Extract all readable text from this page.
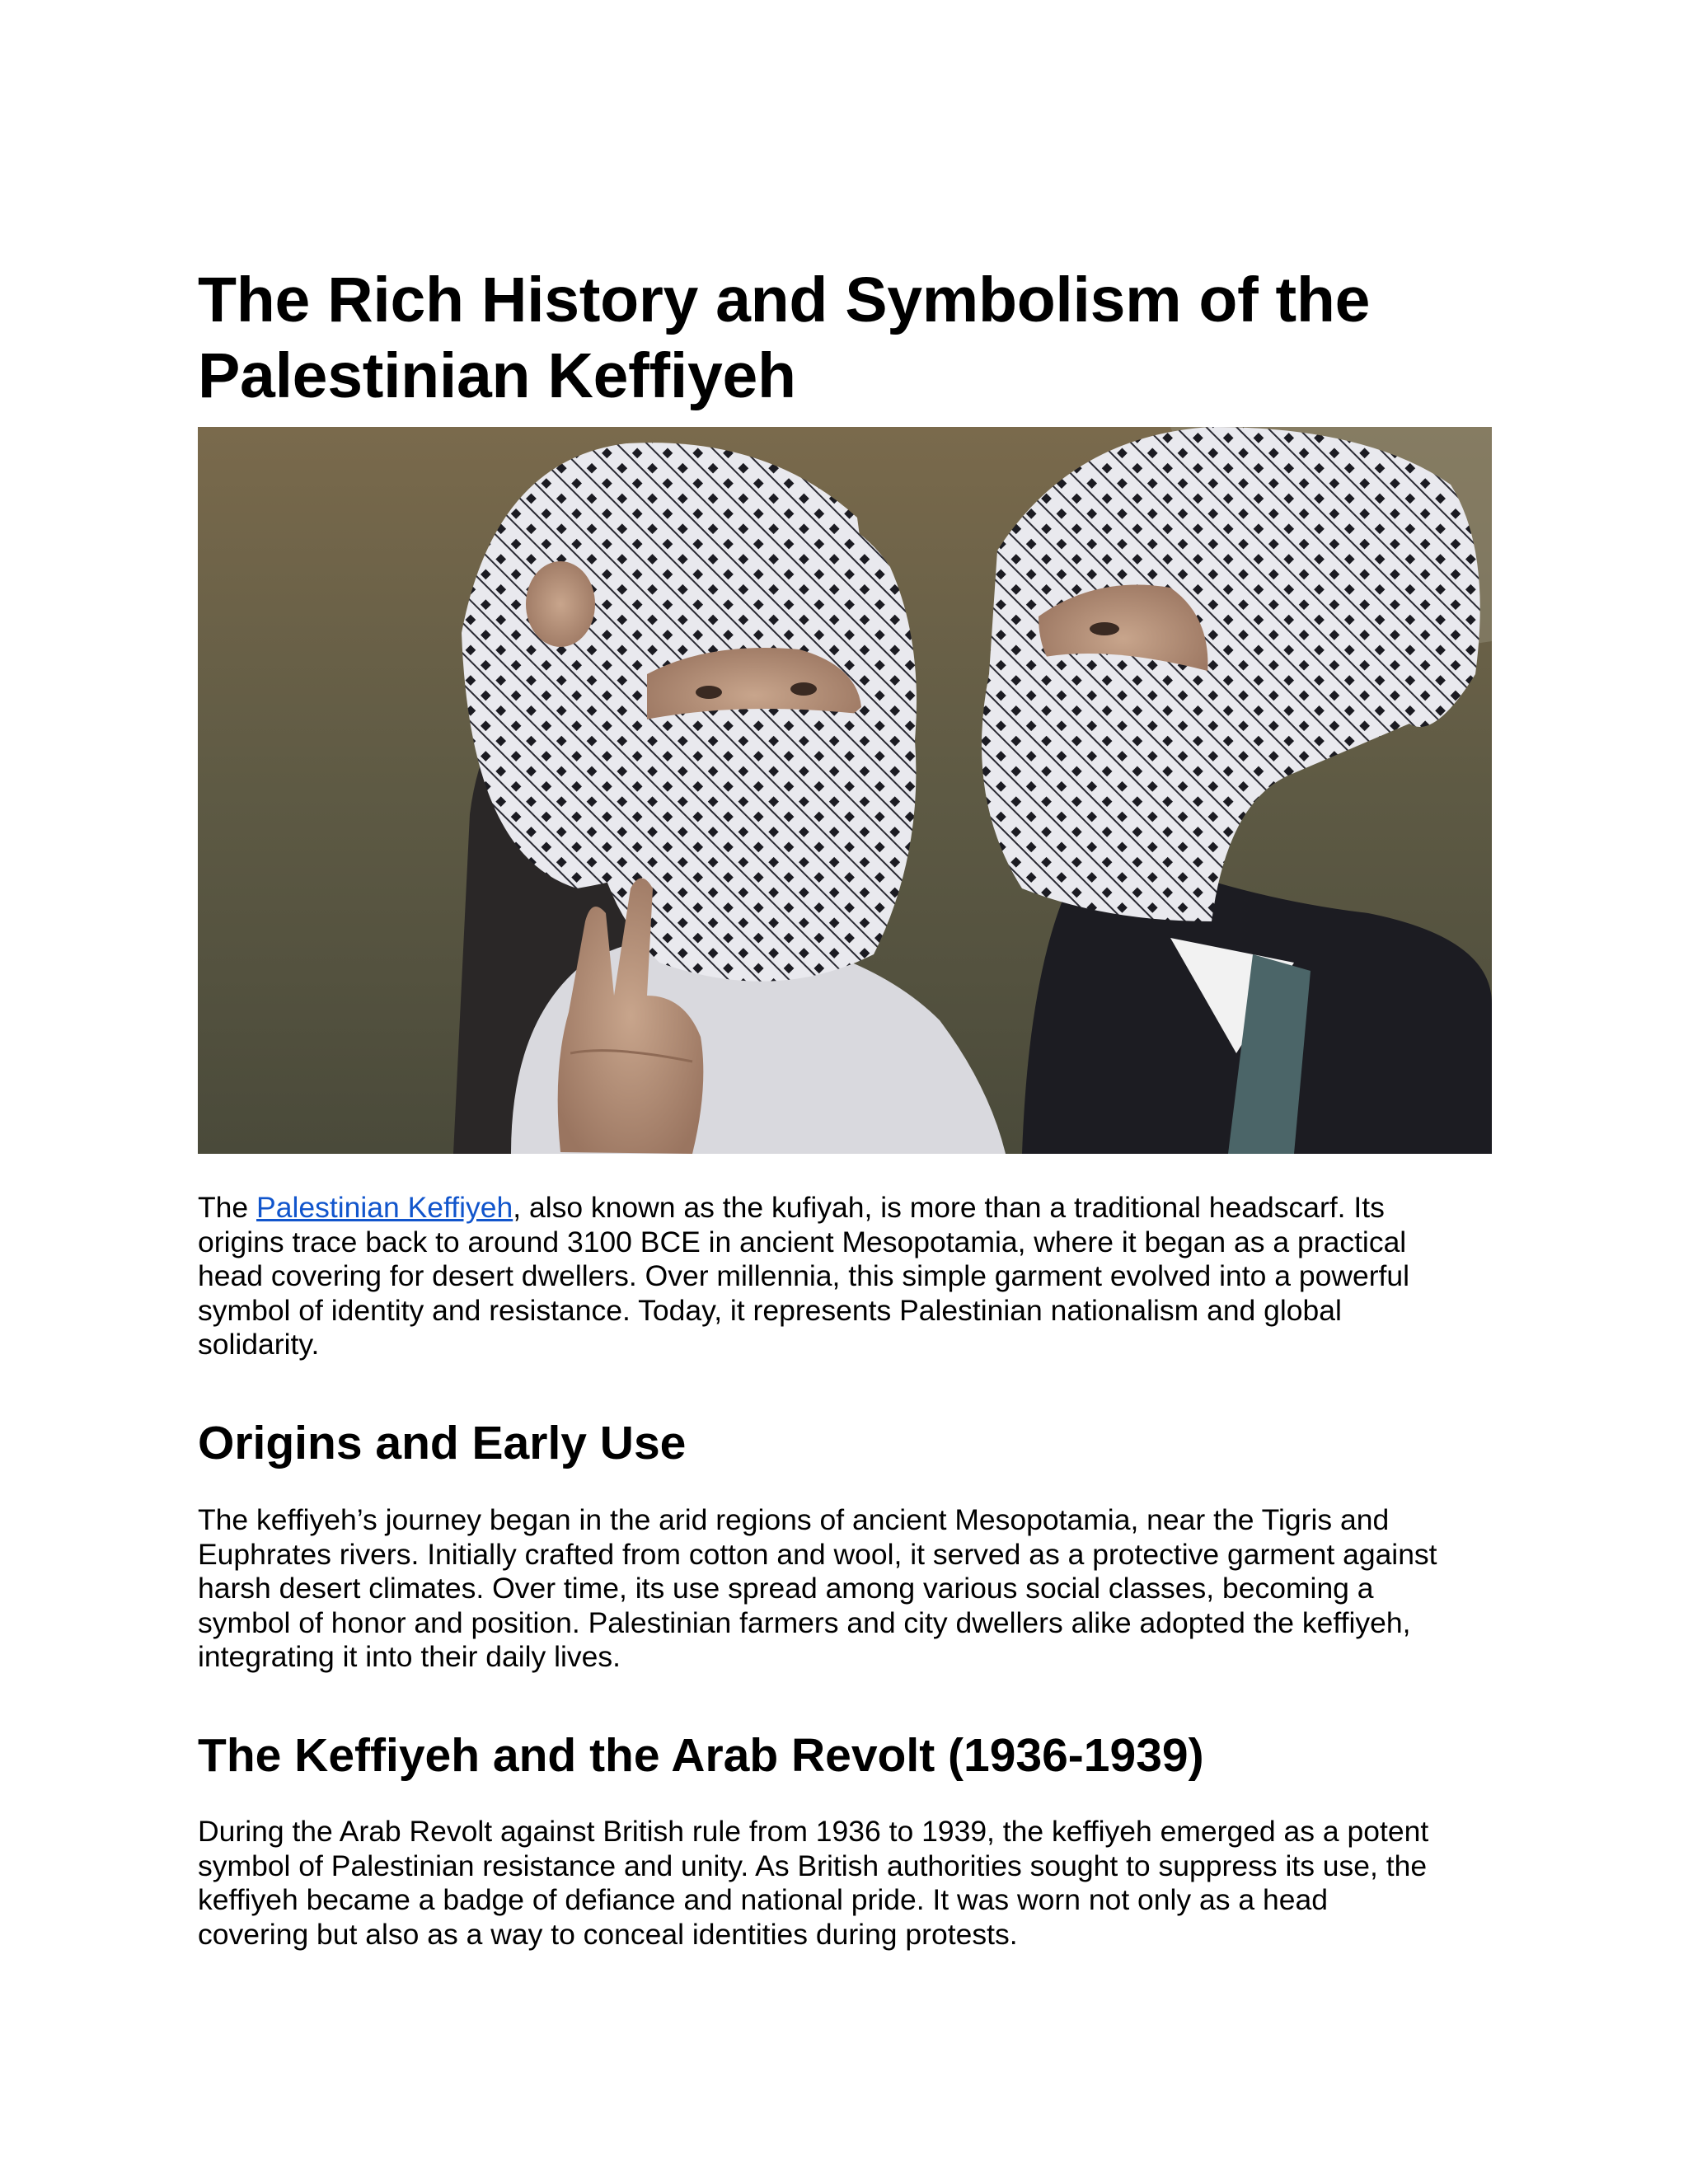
The Rich History and Symbolism of the
Palestinian Keffiyeh

The Palestinian Keffiyeh, also known as the kufiyah, is more than a traditional headscarf. Its
origins trace back to around 3100 BCE in ancient Mesopotamia, where it began as a practical
head covering for desert dwellers. Over millennia, this simple garment evolved into a powerful
symbol of identity and resistance. Today, it represents Palestinian nationalism and global
solidarity.

Origins and Early Use

The keffiyeh’s journey began in the arid regions of ancient Mesopotamia, near the Tigris and
Euphrates rivers. Initially crafted from cotton and wool, it served as a protective garment against
harsh desert climates. Over time, its use spread among various social classes, becoming a
symbol of honor and position. Palestinian farmers and city dwellers alike adopted the keffiyeh,
integrating it into their daily lives.

The Keffiyeh and the Arab Revolt (1936-1939)

During the Arab Revolt against British rule from 1936 to 1939, the keffiyeh emerged as a potent
symbol of Palestinian resistance and unity. As British authorities sought to suppress its use, the
keffiyeh became a badge of defiance and national pride. It was worn not only as a head
covering but also as a way to conceal identities during protests.
